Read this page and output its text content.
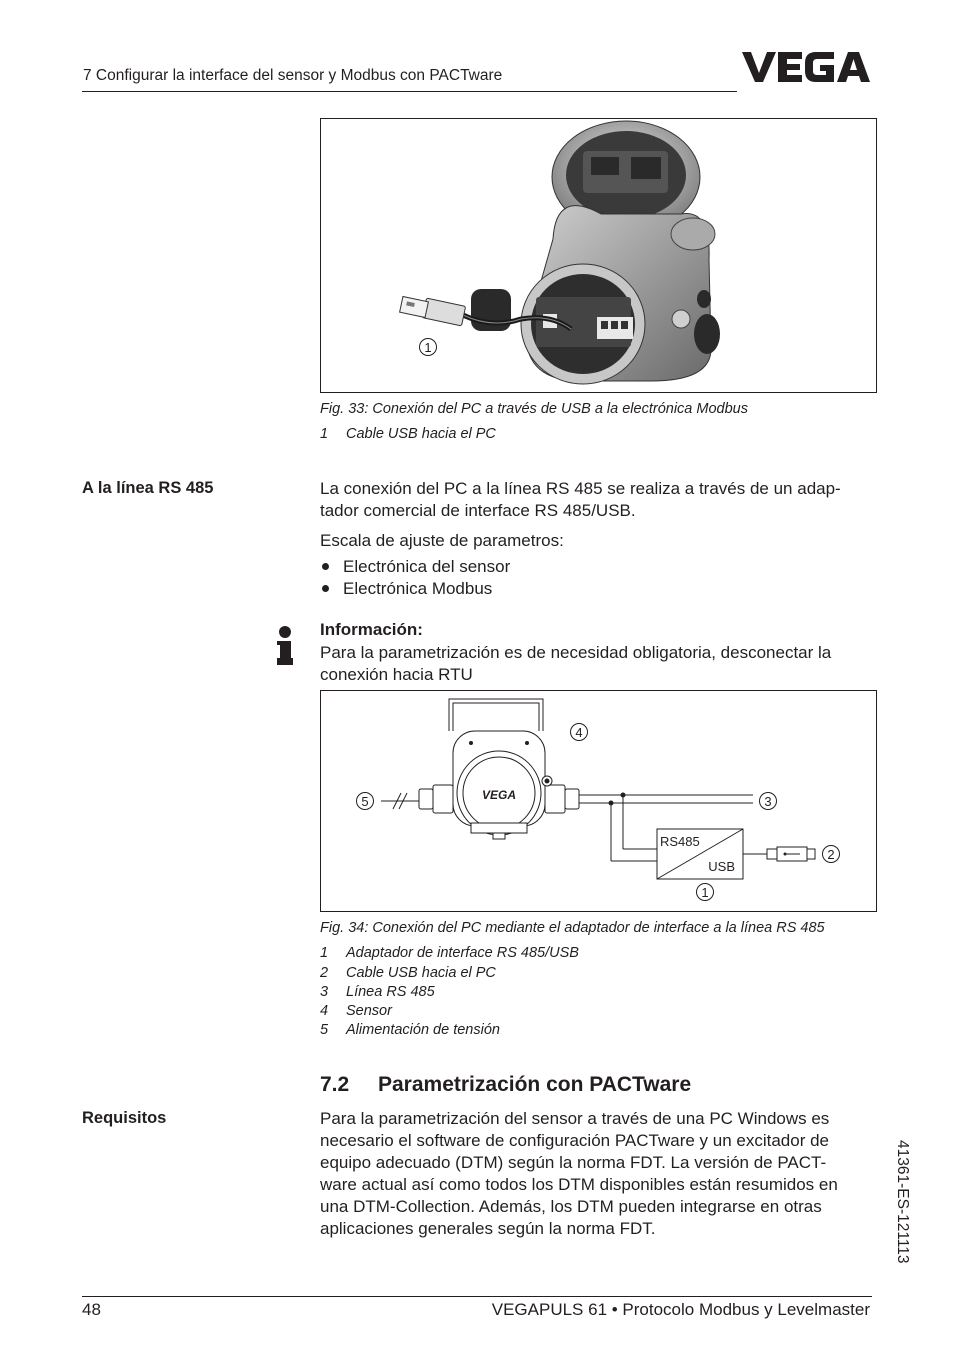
7 Configurar la interface del sensor y Modbus con PACTware
1
Fig. 33: Conexión del PC a través de USB a la electrónica Modbus
1 Cable USB hacia el PC
A la línea RS 485	La conexión del PC a la línea RS 485 se realiza a través de un adap-
tador comercial de interface RS 485/USB.
Escala de ajuste de parametros:
Electrónica del sensor
Electrónica Modbus
Información:
Para la parametrización es de necesidad obligatoria, desconectar la
conexión hacia RTU
VEGA
RS485
USB
4
5	3
2
1
Fig. 34: Conexión del PC mediante el adaptador de interface a la línea RS 485
1 Adaptador de interface RS 485/USB
2 Cable USB hacia el PC
3 Línea RS 485
4 Sensor
5 Alimentación de tensión
7.2 Parametrización con PACTware
Requisitos	Para la parametrización del sensor a través de una PC Windows es
necesario el software de configuración PACTware y un excitador de
equipo adecuado (DTM) según la norma FDT. La versión de PACT-
ware actual así como todos los DTM disponibles están resumidos en
una DTM-Collection. Además, los DTM pueden integrarse en otras
aplicaciones generales según la norma FDT.	41361-ES-121113
48	VEGAPULS 61 • Protocolo Modbus y Levelmaster
